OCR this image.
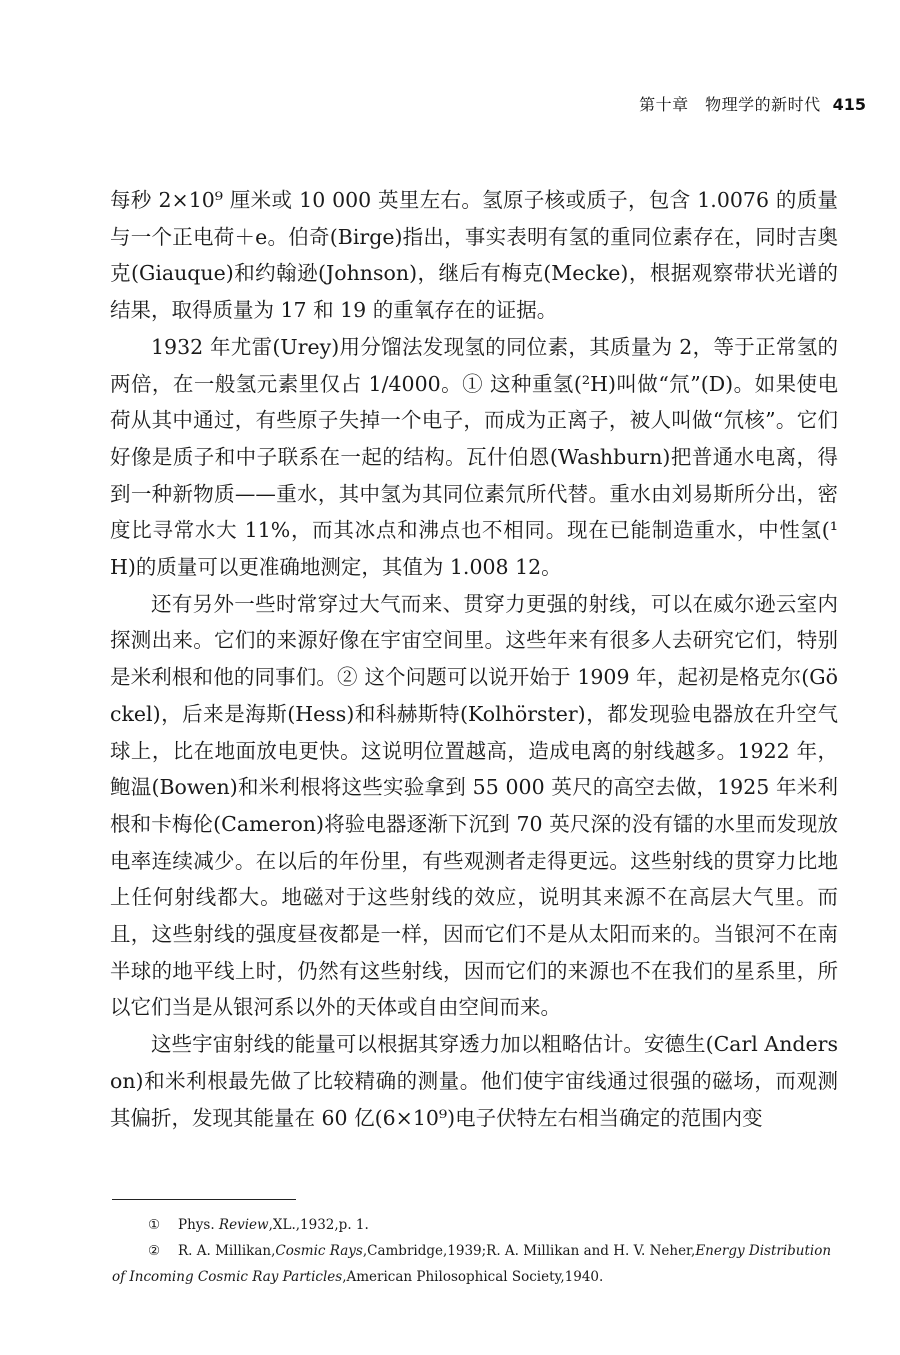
第十章　物理学的新时代 415

每秒 2×10⁹ 厘米或 10 000 英里左右。氢原子核或质子，包含 1.0076 的质量与一个正电荷＋e。伯奇(Birge)指出，事实表明有氢的重同位素存在，同时吉奥克(Giauque)和约翰逊(Johnson)，继后有梅克(Mecke)，根据观察带状光谱的结果，取得质量为 17 和 19 的重氧存在的证据。

1932 年尤雷(Urey)用分馏法发现氢的同位素，其质量为 2，等于正常氢的两倍，在一般氢元素里仅占 1/4000。① 这种重氢(²H)叫做“氘”(D)。如果使电荷从其中通过，有些原子失掉一个电子，而成为正离子，被人叫做“氘核”。它们好像是质子和中子联系在一起的结构。瓦什伯恩(Washburn)把普通水电离，得到一种新物质——重水，其中氢为其同位素氘所代替。重水由刘易斯所分出，密度比寻常水大 11%，而其冰点和沸点也不相同。现在已能制造重水，中性氢(¹H)的质量可以更准确地测定，其值为 1.008 12。

还有另外一些时常穿过大气而来、贯穿力更强的射线，可以在威尔逊云室内探测出来。它们的来源好像在宇宙空间里。这些年来有很多人去研究它们，特别是米利根和他的同事们。② 这个问题可以说开始于 1909 年，起初是格克尔(Göckel)，后来是海斯(Hess)和科赫斯特(Kolhörster)，都发现验电器放在升空气球上，比在地面放电更快。这说明位置越高，造成电离的射线越多。1922 年，鲍温(Bowen)和米利根将这些实验拿到 55 000 英尺的高空去做，1925 年米利根和卡梅伦(Cameron)将验电器逐渐下沉到 70 英尺深的没有镭的水里而发现放电率连续减少。在以后的年份里，有些观测者走得更远。这些射线的贯穿力比地上任何射线都大。地磁对于这些射线的效应，说明其来源不在高层大气里。而且，这些射线的强度昼夜都是一样，因而它们不是从太阳而来的。当银河不在南半球的地平线上时，仍然有这些射线，因而它们的来源也不在我们的星系里，所以它们当是从银河系以外的天体或自由空间而来。

这些宇宙射线的能量可以根据其穿透力加以粗略估计。安德生(Carl Anderson)和米利根最先做了比较精确的测量。他们使宇宙线通过很强的磁场，而观测其偏折，发现其能量在 60 亿(6×10⁹)电子伏特左右相当确定的范围内变

① Phys. Review,XL.,1932,p. 1.

② R. A. Millikan,Cosmic Rays,Cambridge,1939;R. A. Millikan and H. V. Neher,Energy Distribution of Incoming Cosmic Ray Particles,American Philosophical Society,1940.
